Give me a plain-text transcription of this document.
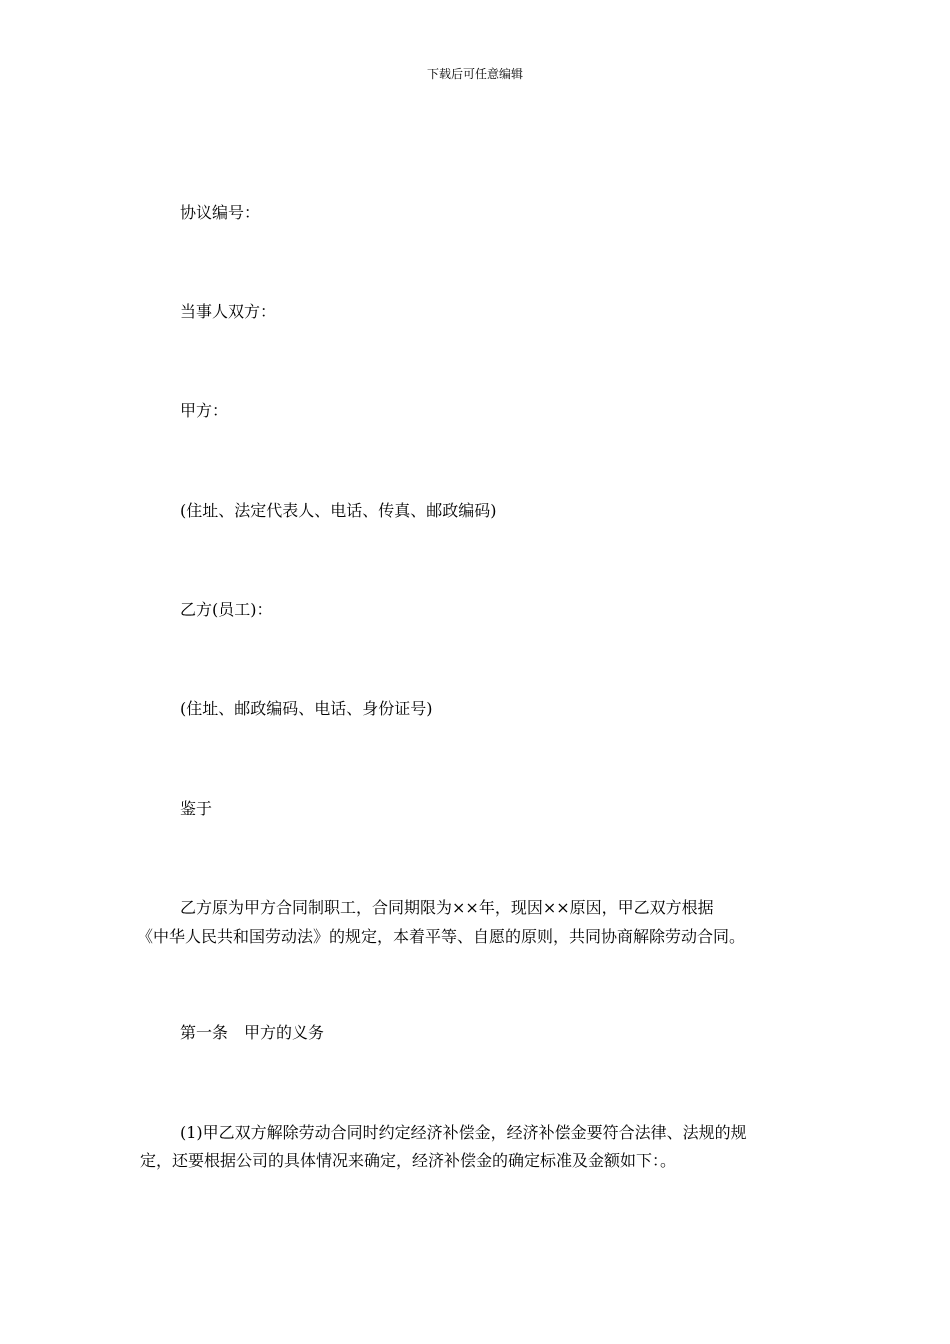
下载后可任意编辑
协议编号：
当事人双方：
甲方：
(住址、法定代表人、电话、传真、邮政编码)
乙方(员工)：
(住址、邮政编码、电话、身份证号)
鉴于
乙方原为甲方合同制职工，合同期限为××年，现因××原因，甲乙双方根据
《中华人民共和国劳动法》的规定，本着平等、自愿的原则，共同协商解除劳动合同。
第一条　甲方的义务
(1)甲乙双方解除劳动合同时约定经济补偿金，经济补偿金要符合法律、法规的规
定，还要根据公司的具体情况来确定，经济补偿金的确定标准及金额如下：。
